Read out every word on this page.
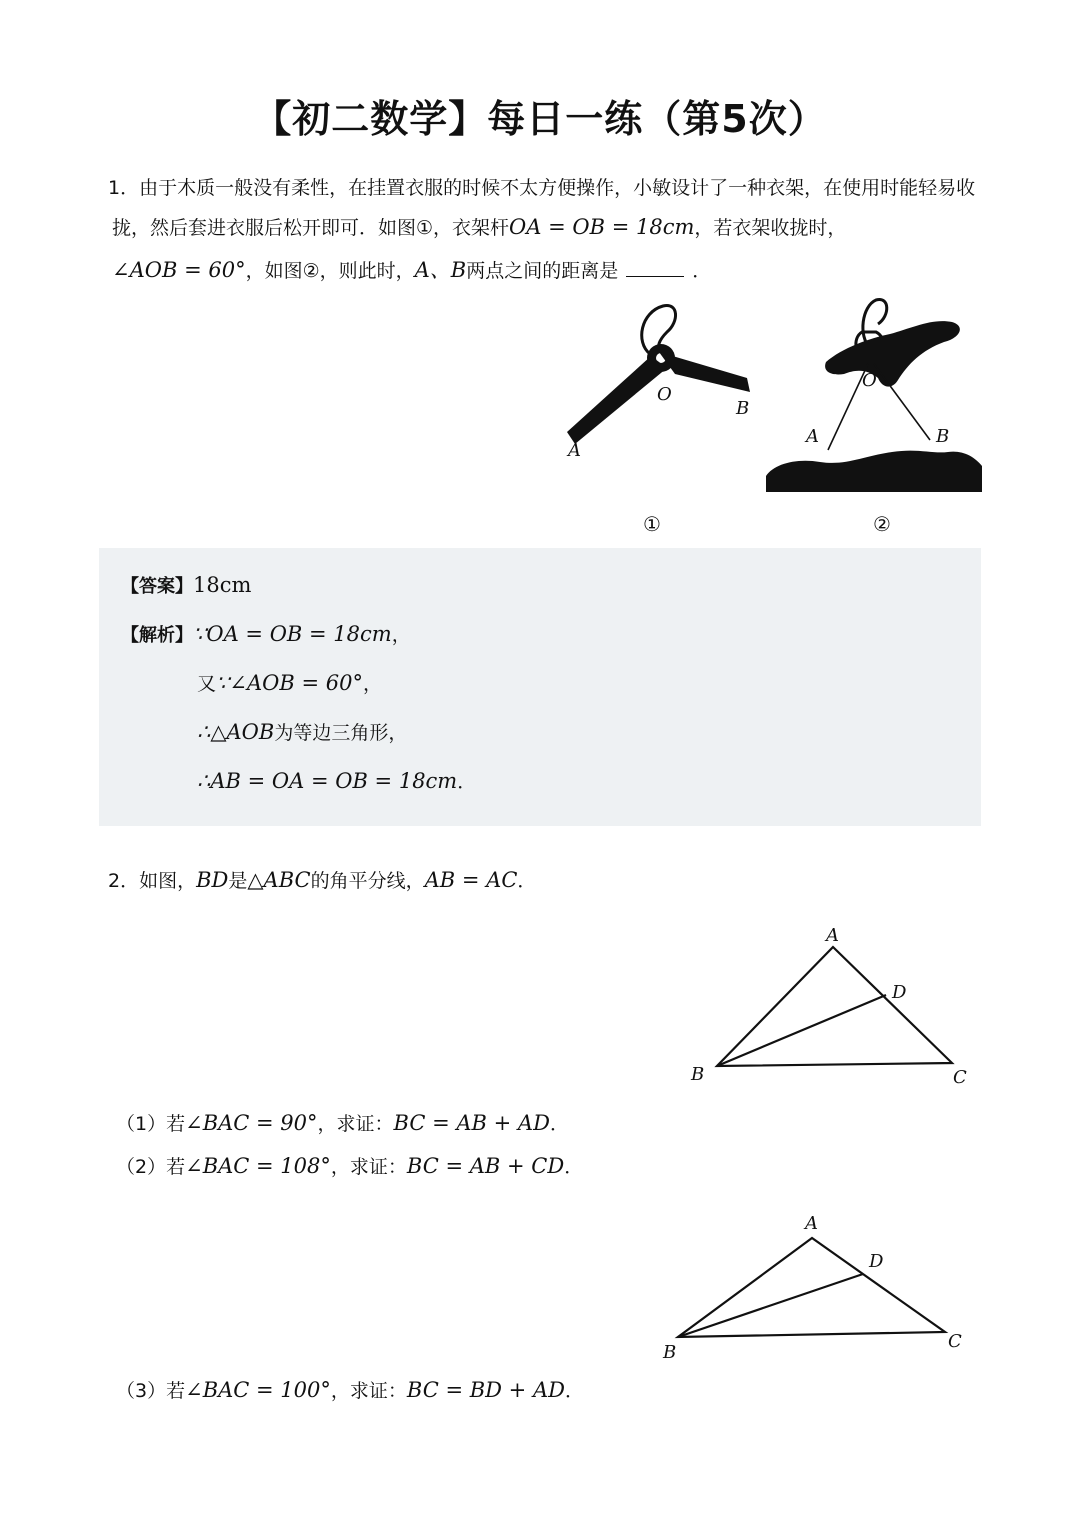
【初二数学】每日一练（第5次）
1．由于木质一般没有柔性，在挂置衣服的时候不太方便操作，小敏设计了一种衣架，在使用时能轻易收
拢，然后套进衣服后松开即可．如图①，衣架杆OA = OB = 18cm，若衣架收拢时，
∠AOB = 60°，如图②，则此时，A、B两点之间的距离是	．
O
B
A
①
O
A	B
②
【答案】18cm
【解析】∵OA = OB = 18cm，
又∵∠AOB = 60°，
∴△AOB为等边三角形，
∴AB = OA = OB = 18cm．
2．如图，BD是△ABC的角平分线，AB = AC．
A
D
B	C
（1）若∠BAC = 90°，求证：BC = AB + AD．
（2）若∠BAC = 108°，求证：BC = AB + CD．
A
D
B
C
（3）若∠BAC = 100°，求证：BC = BD + AD．
